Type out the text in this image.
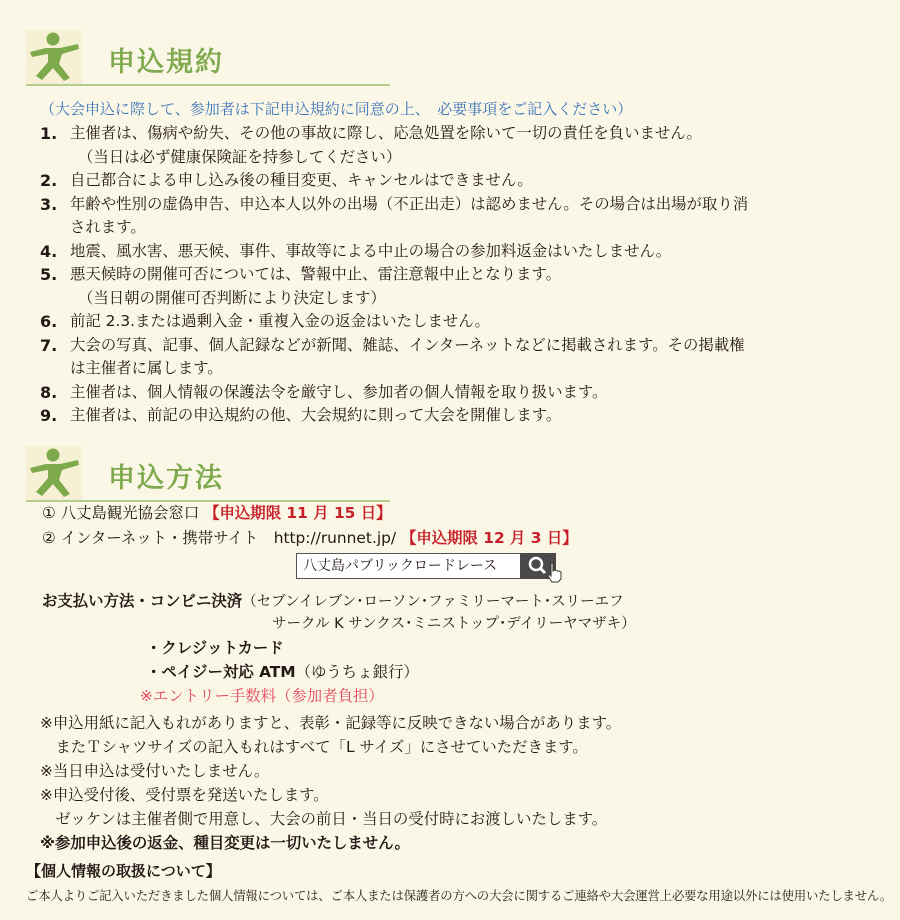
申込規約
（大会申込に際して、参加者は下記申込規約に同意の上、　必要事項をご記入ください）
1. 主催者は、傷病や紛失、その他の事故に際し、応急処置を除いて一切の責任を負いません。
（当日は必ず健康保険証を持参してください）
2. 自己都合による申し込み後の種目変更、キャンセルはできません。
3. 年齢や性別の虚偽申告、申込本人以外の出場（不正出走）は認めません。その場合は出場が取り消
されます。
4. 地震、風水害、悪天候、事件、事故等による中止の場合の参加料返金はいたしません。
5. 悪天候時の開催可否については、警報中止、雷注意報中止となります。
（当日朝の開催可否判断により決定します）
6. 前記 2.3.または過剰入金・重複入金の返金はいたしません。
7. 大会の写真、記事、個人記録などが新聞、雑誌、インターネットなどに掲載されます。その掲載権
は主催者に属します。
8. 主催者は、個人情報の保護法令を厳守し、参加者の個人情報を取り扱います。
9. 主催者は、前記の申込規約の他、大会規約に則って大会を開催します。
申込方法
① 八丈島観光協会窓口 【申込期限 11 月 15 日】
② インターネット・携帯サイト　http://runnet.jp/ 【申込期限 12 月 3 日】
八丈島パブリックロードレース
お支払い方法・コンビニ決済（セブンイレブン･ローソン･ファミリーマート･スリーエフ
サークル K サンクス･ミニストップ･デイリーヤマザキ）
・クレジットカード
・ペイジー対応 ATM（ゆうちょ銀行）
※エントリー手数料（参加者負担）
※申込用紙に記入もれがありますと、表彰・記録等に反映できない場合があります。
　またＴシャツサイズの記入もれはすべて「L サイズ」にさせていただきます。
※当日申込は受付いたしません。
※申込受付後、受付票を発送いたします。
　ゼッケンは主催者側で用意し、大会の前日・当日の受付時にお渡しいたします。
※参加申込後の返金、種目変更は一切いたしません。
【個人情報の取扱について】
ご本人よりご記入いただきました個人情報については、ご本人または保護者の方への大会に関するご連絡や大会運営上必要な用途以外には使用いたしません。
